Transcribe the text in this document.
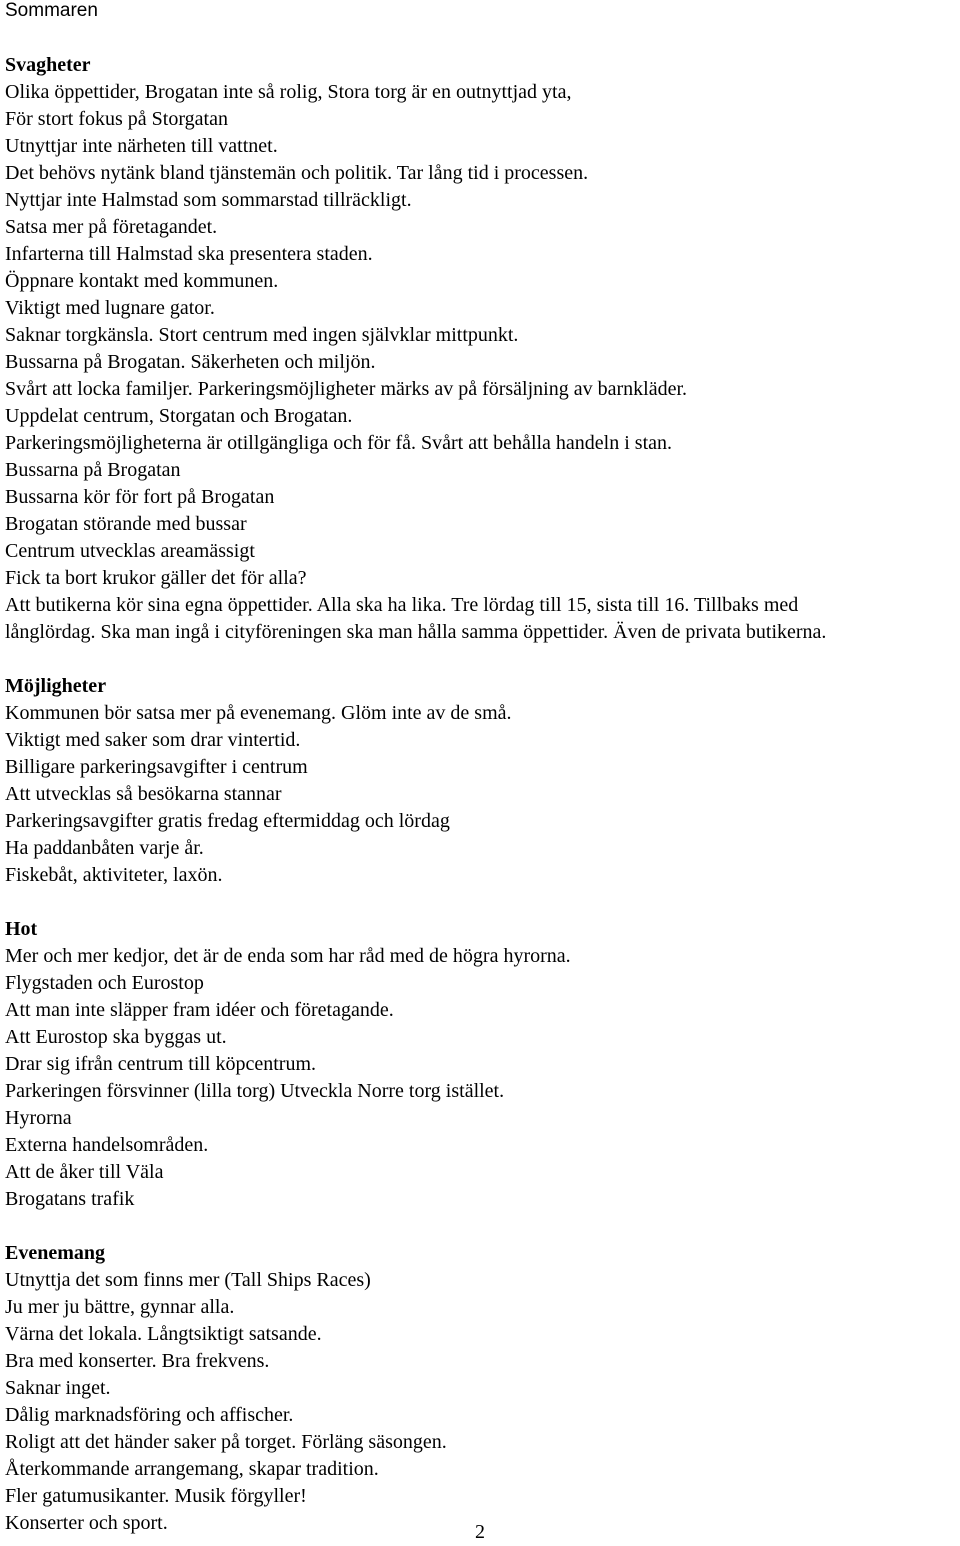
Sommaren

Svagheter

Olika öppettider, Brogatan inte så rolig, Stora torg är en outnyttjad yta,

För stort fokus på Storgatan

Utnyttjar inte närheten till vattnet.

Det behövs nytänk bland tjänstemän och politik. Tar lång tid i processen.

Nyttjar inte Halmstad som sommarstad tillräckligt.

Satsa mer på företagandet.

Infarterna till Halmstad ska presentera staden.

Öppnare kontakt med kommunen.

Viktigt med lugnare gator.

Saknar torgkänsla. Stort centrum med ingen självklar mittpunkt.

Bussarna på Brogatan. Säkerheten och miljön.

Svårt att locka familjer. Parkeringsmöjligheter märks av på försäljning av barnkläder.

Uppdelat centrum, Storgatan och Brogatan.

Parkeringsmöjligheterna är otillgängliga och för få. Svårt att behålla handeln i stan.

Bussarna på Brogatan

Bussarna kör för fort på Brogatan

Brogatan störande med bussar

Centrum utvecklas areamässigt

Fick ta bort krukor gäller det för alla?

Att butikerna kör sina egna öppettider. Alla ska ha lika. Tre lördag till 15, sista till 16. Tillbaks med

långlördag. Ska man ingå i cityföreningen ska man hålla samma öppettider. Även de privata butikerna.

Möjligheter

Kommunen bör satsa mer på evenemang. Glöm inte av de små.

Viktigt med saker som drar vintertid.

Billigare parkeringsavgifter i centrum

Att utvecklas så besökarna stannar

Parkeringsavgifter gratis fredag eftermiddag och lördag

Ha paddanbåten varje år.

Fiskebåt, aktiviteter, laxön.

Hot

Mer och mer kedjor, det är de enda som har råd med de högra hyrorna.

Flygstaden och Eurostop

Att man inte släpper fram idéer och företagande.

Att Eurostop ska byggas ut.

Drar sig ifrån centrum till köpcentrum.

Parkeringen försvinner (lilla torg) Utveckla Norre torg istället.

Hyrorna

Externa handelsområden.

Att de åker till Väla

Brogatans trafik

Evenemang

Utnyttja det som finns mer (Tall Ships Races)

Ju mer ju bättre, gynnar alla.

Värna det lokala. Långtsiktigt satsande.

Bra med konserter. Bra frekvens.

Saknar inget.

Dålig marknadsföring och affischer.

Roligt att det händer saker på torget. Förläng säsongen.

Återkommande arrangemang, skapar tradition.

Fler gatumusikanter. Musik förgyller!

Konserter och sport.	2
